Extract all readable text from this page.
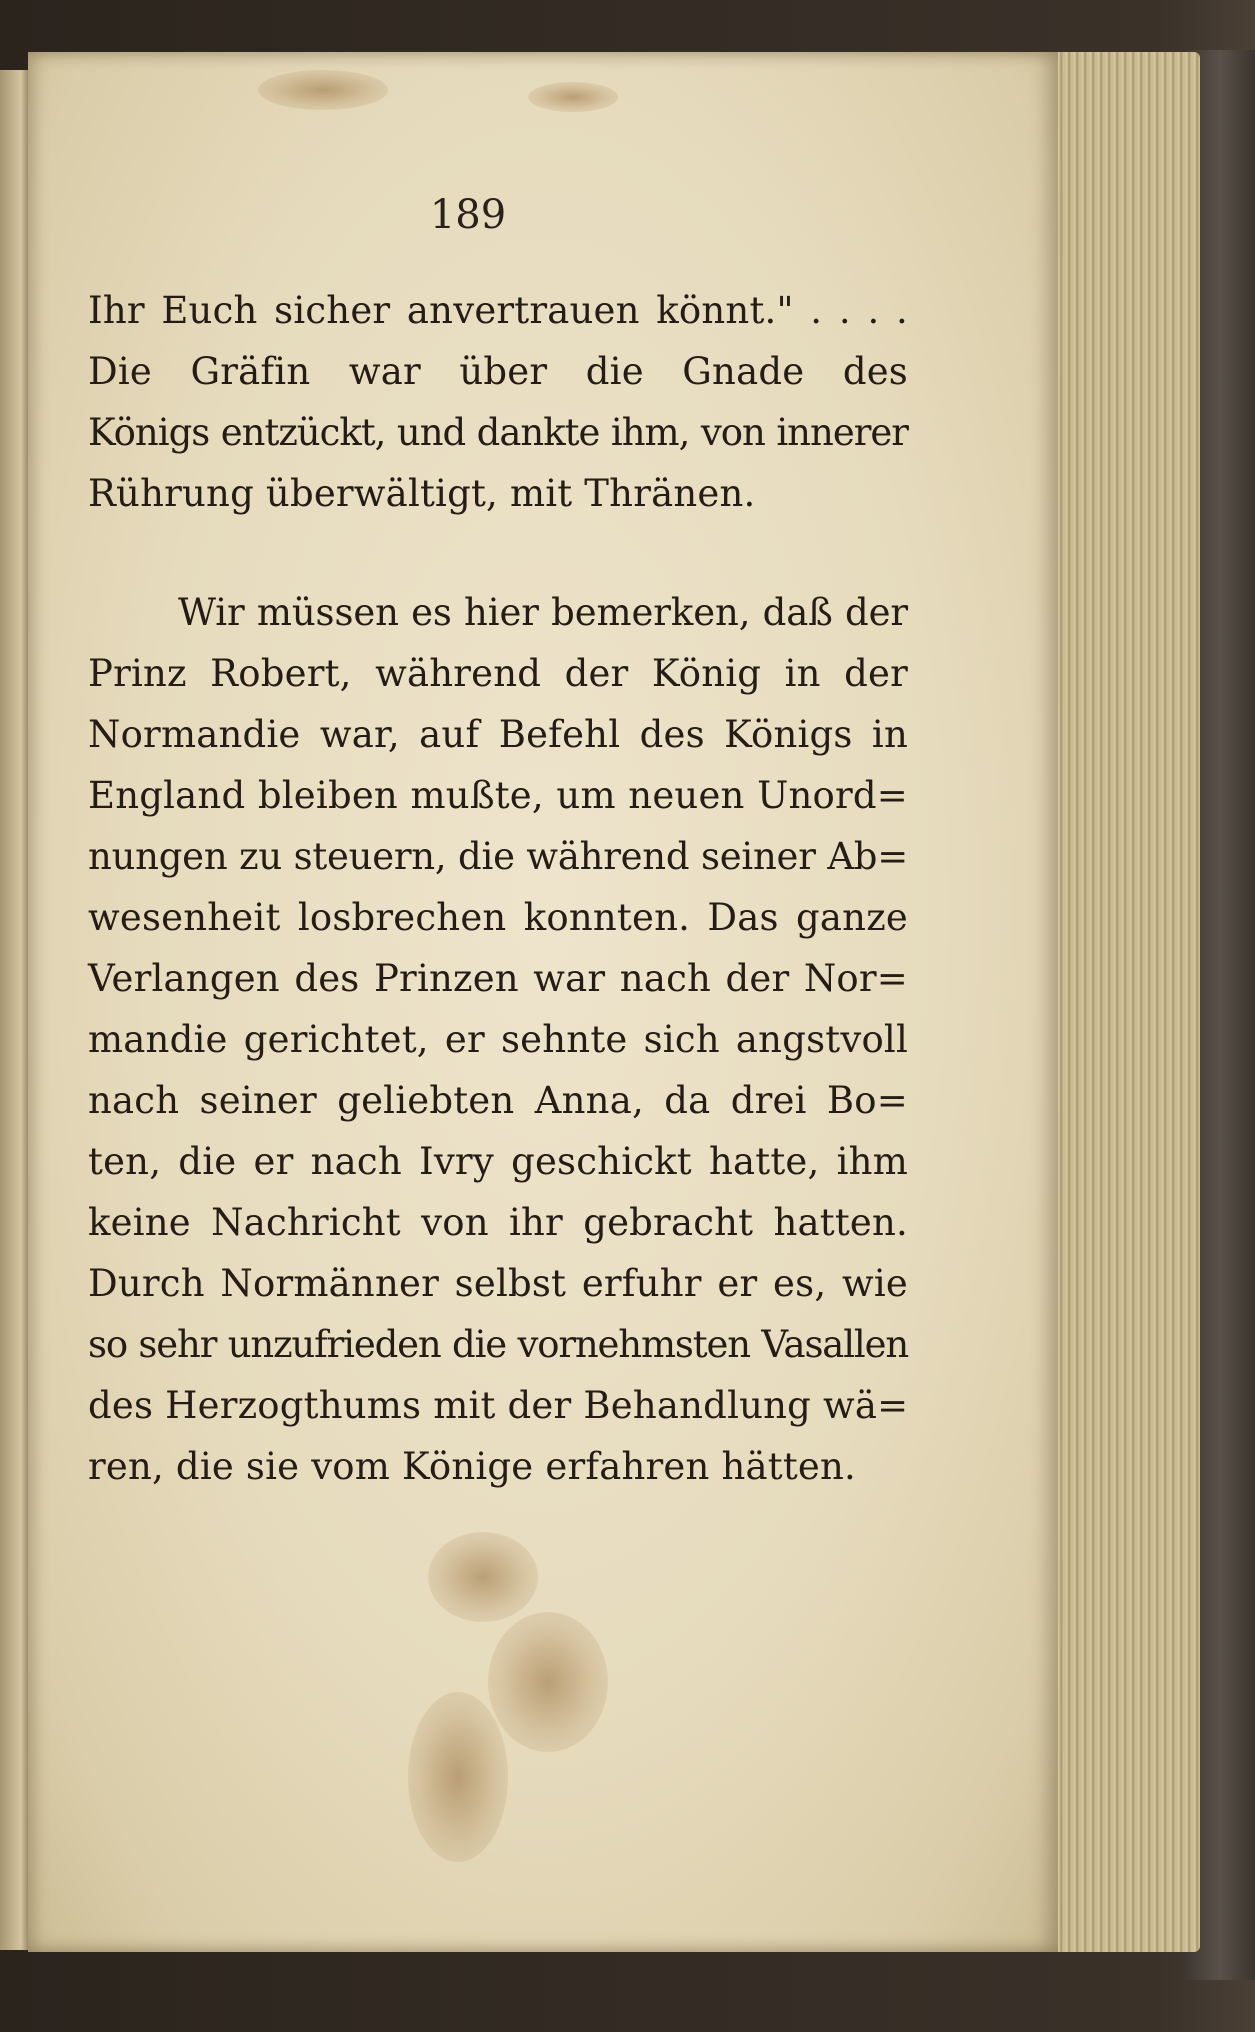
189

Ihr Euch sicher anvertrauen könnt." . . . .
Die Gräfin war über die Gnade des
Königs entzückt, und dankte ihm, von innerer
Rührung überwältigt, mit Thränen.

Wir müssen es hier bemerken, daß der
Prinz Robert, während der König in der
Normandie war, auf Befehl des Königs in
England bleiben mußte, um neuen Unord=
nungen zu steuern, die während seiner Ab=
wesenheit losbrechen konnten. Das ganze
Verlangen des Prinzen war nach der Nor=
mandie gerichtet, er sehnte sich angstvoll
nach seiner geliebten Anna, da drei Bo=
ten, die er nach Ivry geschickt hatte, ihm
keine Nachricht von ihr gebracht hatten.
Durch Normänner selbst erfuhr er es, wie
so sehr unzufrieden die vornehmsten Vasallen
des Herzogthums mit der Behandlung wä=
ren, die sie vom Könige erfahren hätten.
